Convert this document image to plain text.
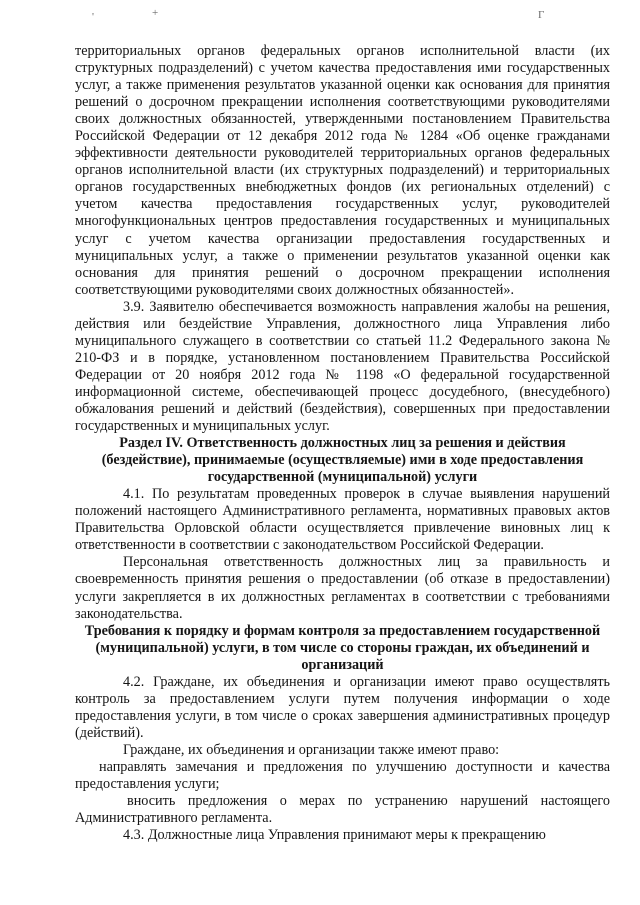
'	+	Г

территориальных органов федеральных органов исполнительной власти (их структурных подразделений) с учетом качества предоставления ими государственных услуг, а также применения результатов указанной оценки как основания для принятия решений о досрочном прекращении исполнения соответствующими руководителями своих должностных обязанностей, утвержденными постановлением Правительства Российской Федерации от 12 декабря 2012 года № 1284 «Об оценке гражданами эффективности деятельности руководителей территориальных органов федеральных органов исполнительной власти (их структурных подразделений) и территориальных органов государственных внебюджетных фондов (их региональных отделений) с учетом качества предоставления государственных услуг, руководителей многофункциональных центров предоставления государственных и муниципальных услуг с учетом качества организации предоставления государственных и муниципальных услуг, а также о применении результатов указанной оценки как основания для принятия решений о досрочном прекращении исполнения соответствующими руководителями своих должностных обязанностей».

3.9. Заявителю обеспечивается возможность направления жалобы на решения, действия или бездействие Управления, должностного лица Управления либо муниципального служащего в соответствии со статьей 11.2 Федерального закона № 210-ФЗ и в порядке, установленном постановлением Правительства Российской Федерации от 20 ноября 2012 года № 1198 «О федеральной государственной информационной системе, обеспечивающей процесс досудебного, (внесудебного) обжалования решений и действий (бездействия), совершенных при предоставлении государственных и муниципальных услуг.

Раздел IV. Ответственность должностных лиц за решения и действия (бездействие), принимаемые (осуществляемые) ими в ходе предоставления государственной (муниципальной) услуги

4.1. По результатам проведенных проверок в случае выявления нарушений положений настоящего Административного регламента, нормативных правовых актов Правительства Орловской области осуществляется привлечение виновных лиц к ответственности в соответствии с законодательством Российской Федерации.

Персональная ответственность должностных лиц за правильность и своевременность принятия решения о предоставлении (об отказе в предоставлении) услуги закрепляется в их должностных регламентах в соответствии с требованиями законодательства.

Требования к порядку и формам контроля за предоставлением государственной (муниципальной) услуги, в том числе со стороны граждан, их объединений и организаций

4.2. Граждане, их объединения и организации имеют право осуществлять контроль за предоставлением услуги путем получения информации о ходе предоставления услуги, в том числе о сроках завершения административных процедур (действий).

Граждане, их объединения и организации также имеют право:

направлять замечания и предложения по улучшению доступности и качества предоставления услуги;

вносить предложения о мерах по устранению нарушений настоящего Административного регламента.

4.3. Должностные лица Управления принимают меры к прекращению
